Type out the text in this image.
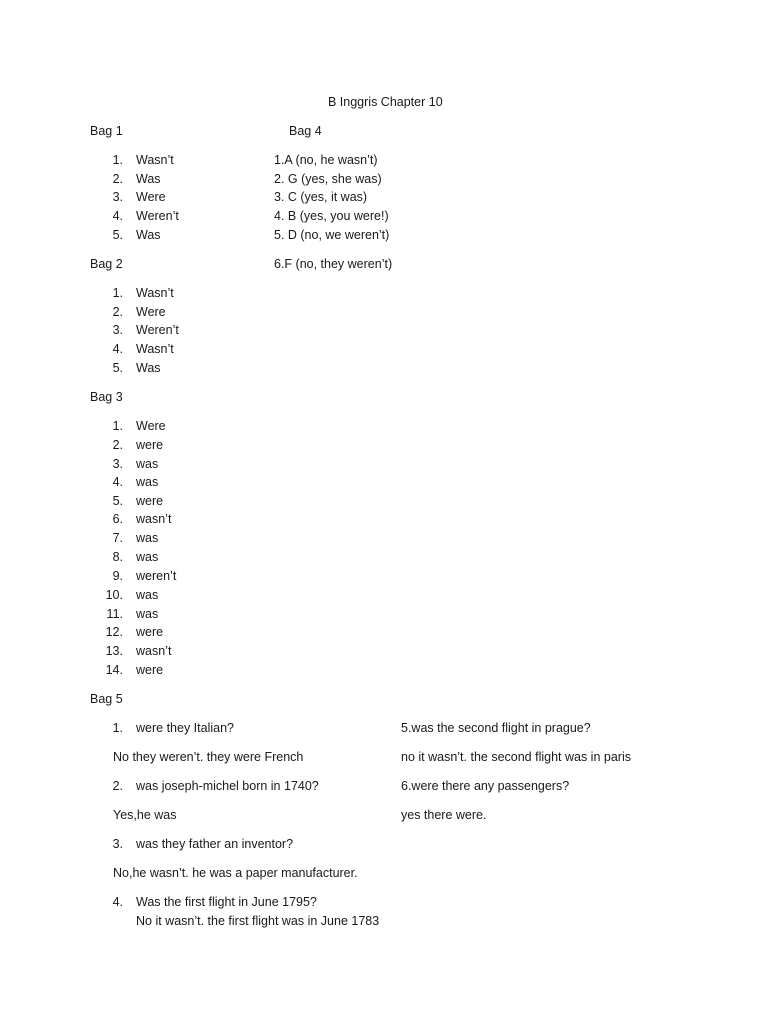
B Inggris Chapter 10
Bag 1
1. Wasn’t
2. Was
3. Were
4. Weren’t
5. Was
Bag 4
1.A (no, he wasn’t)
2. G (yes, she was)
3. C (yes, it was)
4. B (yes, you were!)
5. D (no, we weren’t)
6.F (no, they weren’t)
Bag 2
1. Wasn’t
2. Were
3. Weren’t
4. Wasn’t
5. Was
Bag 3
1. Were
2. were
3. was
4. was
5. were
6. wasn’t
7. was
8. was
9. weren’t
10. was
11. was
12. were
13. wasn’t
14. were
Bag 5
1. were they Italian?
No they weren’t. they were French
2. was joseph-michel born in 1740?
Yes,he was
3. was they father an inventor?
No,he wasn’t. he was a paper manufacturer.
4. Was the first flight in June 1795?
No it wasn’t. the first flight was in June 1783
5.was the second flight in prague?
no it wasn’t. the second flight was in paris
6.were there any passengers?
yes there were.
